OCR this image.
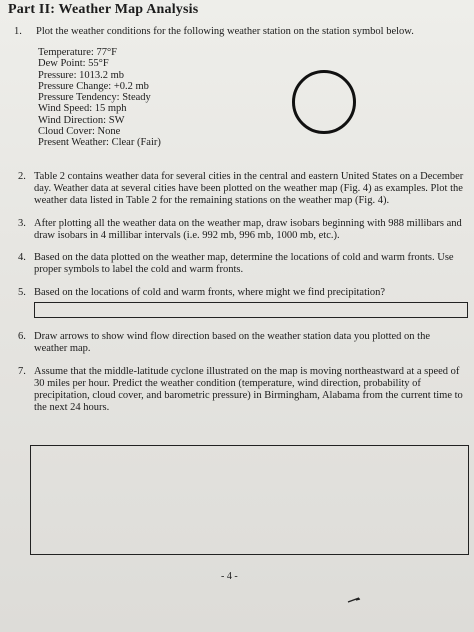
Part II: Weather Map Analysis
1. Plot the weather conditions for the following weather station on the station symbol below.
Temperature: 77°F
Dew Point: 55°F
Pressure: 1013.2 mb
Pressure Change: +0.2 mb
Pressure Tendency: Steady
Wind Speed: 15 mph
Wind Direction: SW
Cloud Cover: None
Present Weather: Clear (Fair)
2. Table 2 contains weather data for several cities in the central and eastern United States on a December day. Weather data at several cities have been plotted on the weather map (Fig. 4) as examples. Plot the weather data listed in Table 2 for the remaining stations on the weather map (Fig. 4).
3. After plotting all the weather data on the weather map, draw isobars beginning with 988 millibars and draw isobars in 4 millibar intervals (i.e. 992 mb, 996 mb, 1000 mb, etc.).
4. Based on the data plotted on the weather map, determine the locations of cold and warm fronts. Use proper symbols to label the cold and warm fronts.
5. Based on the locations of cold and warm fronts, where might we find precipitation?
6. Draw arrows to show wind flow direction based on the weather station data you plotted on the weather map.
7. Assume that the middle-latitude cyclone illustrated on the map is moving northeastward at a speed of 30 miles per hour. Predict the weather condition (temperature, wind direction, probability of precipitation, cloud cover, and barometric pressure) in Birmingham, Alabama from the current time to the next 24 hours.
- 4 -
